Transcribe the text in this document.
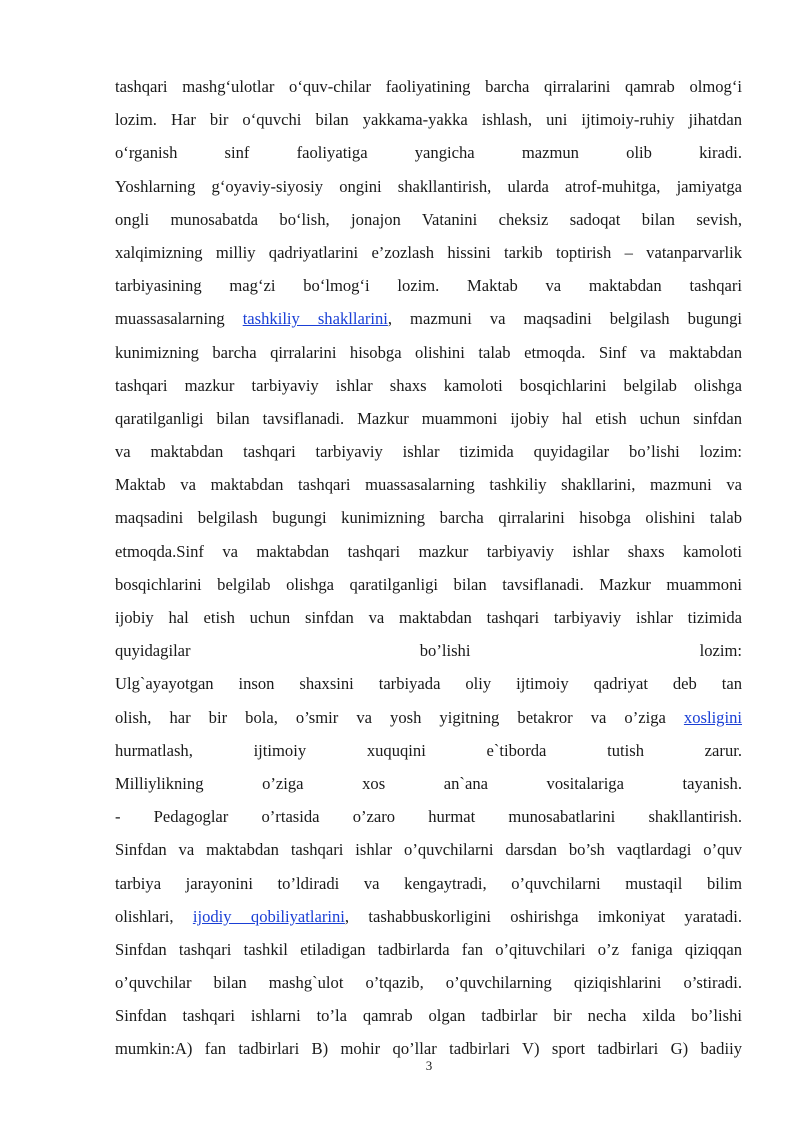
tashqari mashg‘ulotlar o‘quv-chilar faoliyatining barcha qirralarini qamrab olmog‘i
lozim. Har bir o‘quvchi bilan yakkama-yakka ishlash, uni ijtimoiy-ruhiy jihatdan
o‘rganish sinf faoliyatiga yangicha mazmun olib kiradi.
Yoshlarning g‘oyaviy-siyosiy ongini shakllantirish, ularda atrof-muhitga, jamiyatga
ongli munosabatda bo‘lish, jonajon Vatanini cheksiz sadoqat bilan sevish,
xalqimizning milliy qadriyatlarini e’zozlash hissini tarkib toptirish – vatanparvarlik
tarbiyasining mag‘zi bo‘lmog‘i lozim. Maktab va maktabdan tashqari
muassasalarning tashkiliy shakllarini, mazmuni va maqsadini belgilash bugungi
kunimizning barcha qirralarini hisobga olishini talab etmoqda. Sinf va maktabdan
tashqari mazkur tarbiyaviy ishlar shaxs kamoloti bosqichlarini belgilab olishga
qaratilganligi bilan tavsiflanadi. Mazkur muammoni ijobiy hal etish uchun sinfdan
va maktabdan tashqari tarbiyaviy ishlar tizimida quyidagilar bo’lishi lozim:
Maktab va maktabdan tashqari muassasalarning tashkiliy shakllarini, mazmuni va
maqsadini belgilash bugungi kunimizning barcha qirralarini hisobga olishini talab
etmoqda.Sinf va maktabdan tashqari mazkur tarbiyaviy ishlar shaxs kamoloti
bosqichlarini belgilab olishga qaratilganligi bilan tavsiflanadi. Mazkur muammoni
ijobiy hal etish uchun sinfdan va maktabdan tashqari tarbiyaviy ishlar tizimida
quyidagilar bo’lishi lozim:
Ulg`ayayotgan inson shaxsini tarbiyada oliy ijtimoiy qadriyat deb tan
olish, har bir bola, o’smir va yosh yigitning betakror va o’ziga xosligini
hurmatlash, ijtimoiy xuquqini e`tiborda tutish zarur.
Milliylikning o’ziga xos an`ana vositalariga tayanish.
- Pedagoglar o’rtasida o’zaro hurmat munosabatlarini shakllantirish.
Sinfdan va maktabdan tashqari ishlar o’quvchilarni darsdan bo’sh vaqtlardagi o’quv
tarbiya jarayonini to’ldiradi va kengaytradi, o’quvchilarni mustaqil bilim
olishlari, ijodiy qobiliyatlarini, tashabbuskorligini oshirishga imkoniyat yaratadi.
Sinfdan tashqari tashkil etiladigan tadbirlarda fan o’qituvchilari o’z faniga qiziqqan
o’quvchilar bilan mashg`ulot o’tqazib, o’quvchilarning qiziqishlarini o’stiradi.
Sinfdan tashqari ishlarni to’la qamrab olgan tadbirlar bir necha xilda bo’lishi
mumkin:A) fan tadbirlari B) mohir qo’llar tadbirlari V) sport tadbirlari G) badiiy
3
